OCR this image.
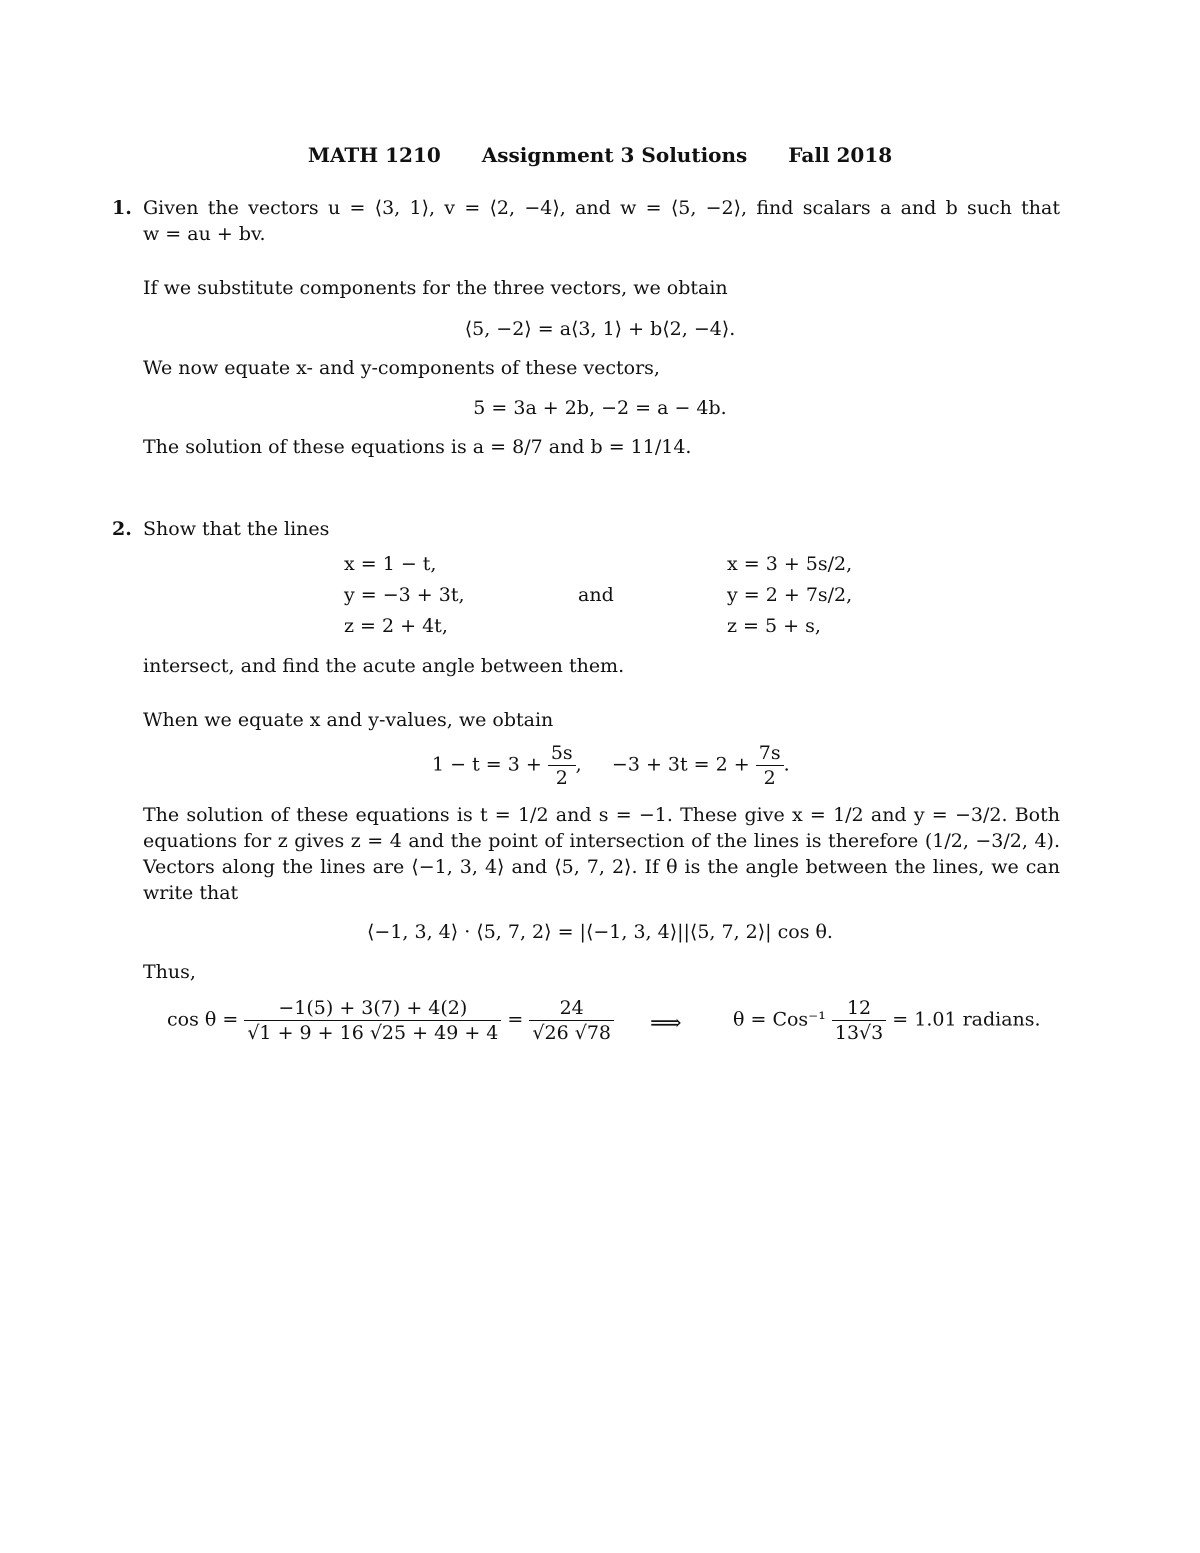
MATH 1210 Assignment 3 Solutions Fall 2018
1. Given the vectors u = ⟨3, 1⟩, v = ⟨2, −4⟩, and w = ⟨5, −2⟩, find scalars a and b such that
w = au + bv.
If we substitute components for the three vectors, we obtain
⟨5, −2⟩ = a⟨3, 1⟩ + b⟨2, −4⟩.
We now equate x- and y-components of these vectors,
5 = 3a + 2b, −2 = a − 4b.
The solution of these equations is a = 8/7 and b = 11/14.
2. Show that the lines
x = 1 − t,
y = −3 + 3t,
z = 2 + 4t,
and
x = 3 + 5s/2,
y = 2 + 7s/2,
z = 5 + s,
intersect, and find the acute angle between them.
When we equate x and y-values, we obtain
$1 - t = 3 + \frac{5s}{2}$ ,     $-3 + 3t = 2 + \frac{7s}{2}$ .
The solution of these equations is t = 1/2 and s = −1. These give x = 1/2 and y = −3/2. Both equations for z gives z = 4 and the point of intersection of the lines is therefore (1/2, −3/2, 4). Vectors along the lines are ⟨−1, 3, 4⟩ and ⟨5, 7, 2⟩. If θ is the angle between the lines, we can write that
⟨−1, 3, 4⟩ · ⟨5, 7, 2⟩ = |⟨−1, 3, 4⟩||⟨5, 7, 2⟩| cos θ.
Thus,
$\cos \theta = \frac{-1(5) + 3(7) + 4(2)}{√1 + 9 + 16 √25 + 49 + 4} = \frac{24}{√26 √78}$ ⟹	$\theta = Cos^{-1} \frac{12}{13√3} = 1.01$ radians.
